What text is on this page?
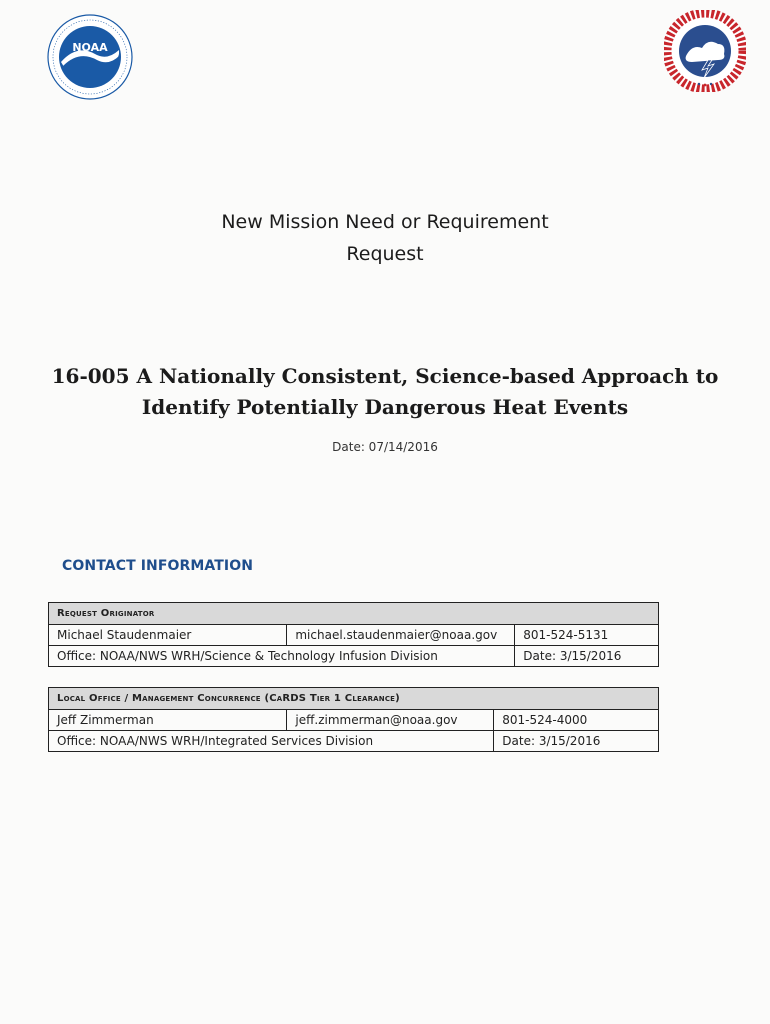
NOAA
New Mission Need or Requirement
Request
16-005 A Nationally Consistent, Science-based Approach to
Identify Potentially Dangerous Heat Events
Date: 07/14/2016
CONTACT INFORMATION
Request Originator		
Michael Staudenmaier	michael.staudenmaier@noaa.gov	801-524-5131
Office: NOAA/NWS WRH/Science & Technology Infusion Division		Date: 3/15/2016
Local Office / Management Concurrence (CaRDS Tier 1 Clearance)		
Jeff Zimmerman	jeff.zimmerman@noaa.gov	801-524-4000
Office: NOAA/NWS WRH/Integrated Services Division		Date: 3/15/2016
